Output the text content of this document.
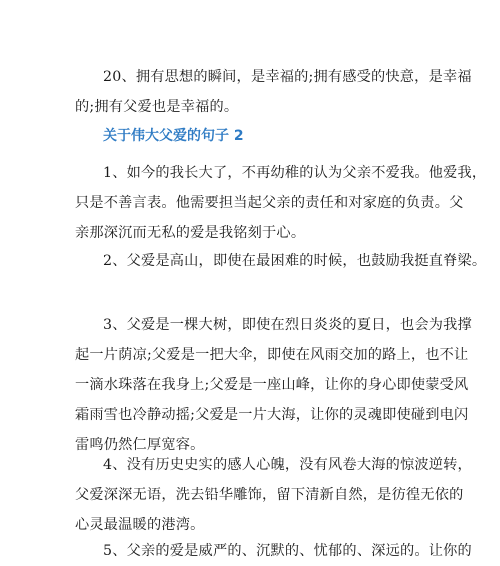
20、拥有思想的瞬间，是幸福的;拥有感受的快意，是幸福
的;拥有父爱也是幸福的。

关于伟大父爱的句子 2

1、如今的我长大了，不再幼稚的认为父亲不爱我。他爱我，
只是不善言表。他需要担当起父亲的责任和对家庭的负责。父
亲那深沉而无私的爱是我铭刻于心。

2、父爱是高山，即使在最困难的时候，也鼓励我挺直脊梁。

3、父爱是一棵大树，即使在烈日炎炎的夏日，也会为我撑
起一片荫凉;父爱是一把大伞，即使在风雨交加的路上，也不让
一滴水珠落在我身上;父爱是一座山峰，让你的身心即使蒙受风
霜雨雪也冷静动摇;父爱是一片大海，让你的灵魂即使碰到电闪
雷鸣仍然仁厚宽容。

4、没有历史史实的感人心魄，没有风卷大海的惊波逆转，
父爱深深无语，洗去铅华雕饰，留下清新自然，是彷徨无依的
心灵最温暖的港湾。

5、父亲的爱是威严的、沉默的、忧郁的、深远的。让你的
